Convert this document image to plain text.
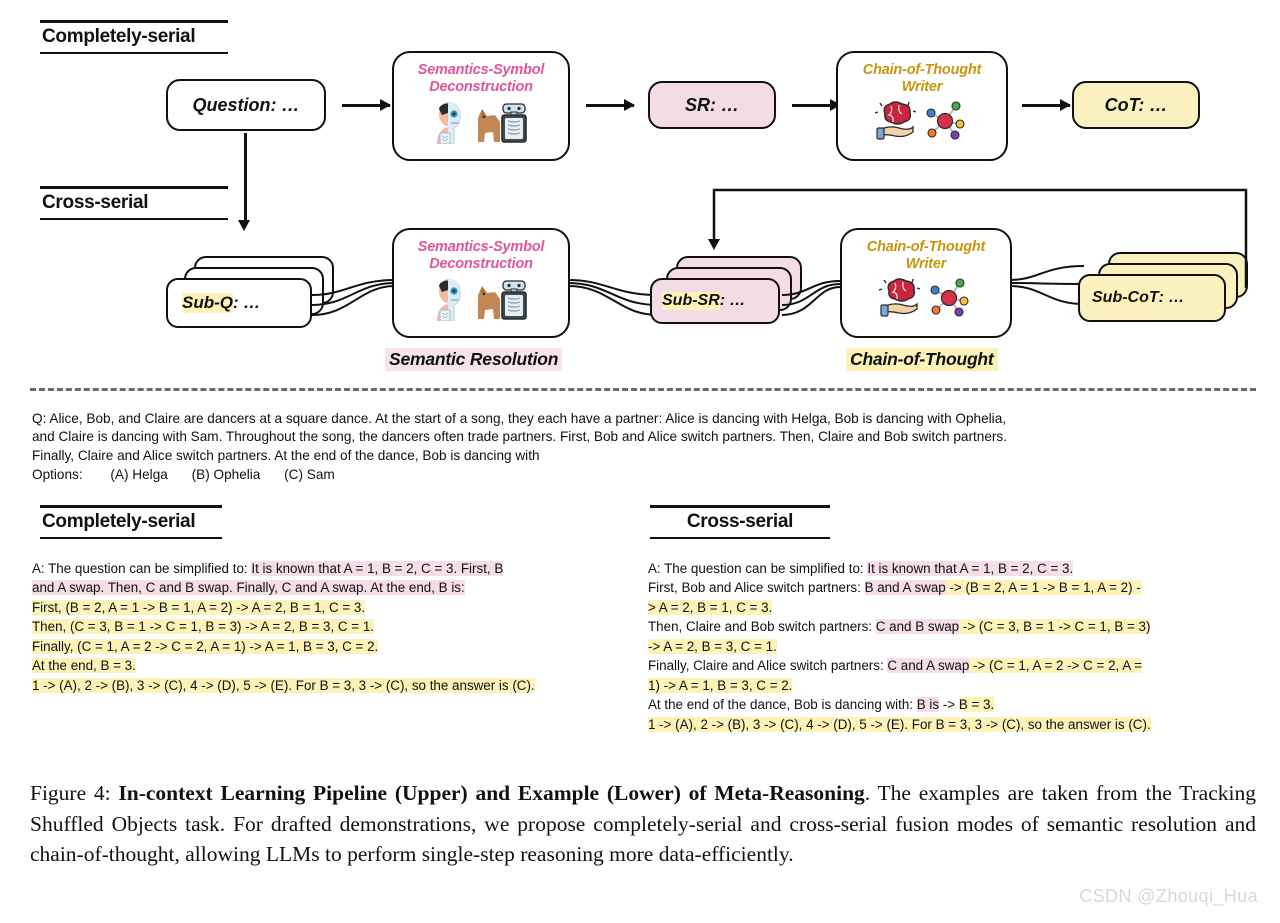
Completely-serial
Question: …
Semantics-Symbol
Deconstruction
SR: …
Chain-of-Thought
Writer
CoT: …
Cross-serial
Sub-Q : …
Semantics-Symbol
Deconstruction
Sub-SR : …
Chain-of-Thought
Writer
Sub-CoT : …
Semantic Resolution	Chain-of-Thought
Q: Alice, Bob, and Claire are dancers at a square dance. At the start of a song, they each have a partner: Alice is dancing with Helga, Bob is dancing with Ophelia,
and Claire is dancing with Sam. Throughout the song, the dancers often trade partners. First, Bob and Alice switch partners. Then, Claire and Bob switch partners.
Finally, Claire and Alice switch partners. At the end of the dance, Bob is dancing with
Options: (A) Helga (B) Ophelia (C) Sam
Completely-serial	Cross-serial
A: The question can be simplified to: It is known that A = 1, B = 2, C = 3. First, B
and A swap. Then, C and B swap. Finally, C and A swap. At the end, B is:
First, (B = 2, A = 1 -> B = 1, A = 2) -> A = 2, B = 1, C = 3.
Then, (C = 3, B = 1 -> C = 1, B = 3) -> A = 2, B = 3, C = 1.
Finally, (C = 1, A = 2 -> C = 2, A = 1) -> A = 1, B = 3, C = 2.
At the end, B = 3.
1 -> (A), 2 -> (B), 3 -> (C), 4 -> (D), 5 -> (E). For B = 3, 3 -> (C), so the answer is (C).
A: The question can be simplified to: It is known that A = 1, B = 2, C = 3.
First, Bob and Alice switch partners: B and A swap -> (B = 2, A = 1 -> B = 1, A = 2) -
> A = 2, B = 1, C = 3.
Then, Claire and Bob switch partners: C and B swap -> (C = 3, B = 1 -> C = 1, B = 3)
-> A = 2, B = 3, C = 1.
Finally, Claire and Alice switch partners: C and A swap -> (C = 1, A = 2 -> C = 2, A =
1) -> A = 1, B = 3, C = 2.
At the end of the dance, Bob is dancing with: B is -> B = 3.
1 -> (A), 2 -> (B), 3 -> (C), 4 -> (D), 5 -> (E). For B = 3, 3 -> (C), so the answer is (C).
Figure 4: In-context Learning Pipeline (Upper) and Example (Lower) of Meta-Reasoning. The examples are taken from the Tracking Shuffled Objects task. For drafted demonstrations, we propose completely-serial and cross-serial fusion modes of semantic resolution and chain-of-thought, allowing LLMs to perform single-step reasoning more data-efficiently.
CSDN @Zhouqi_Hua
